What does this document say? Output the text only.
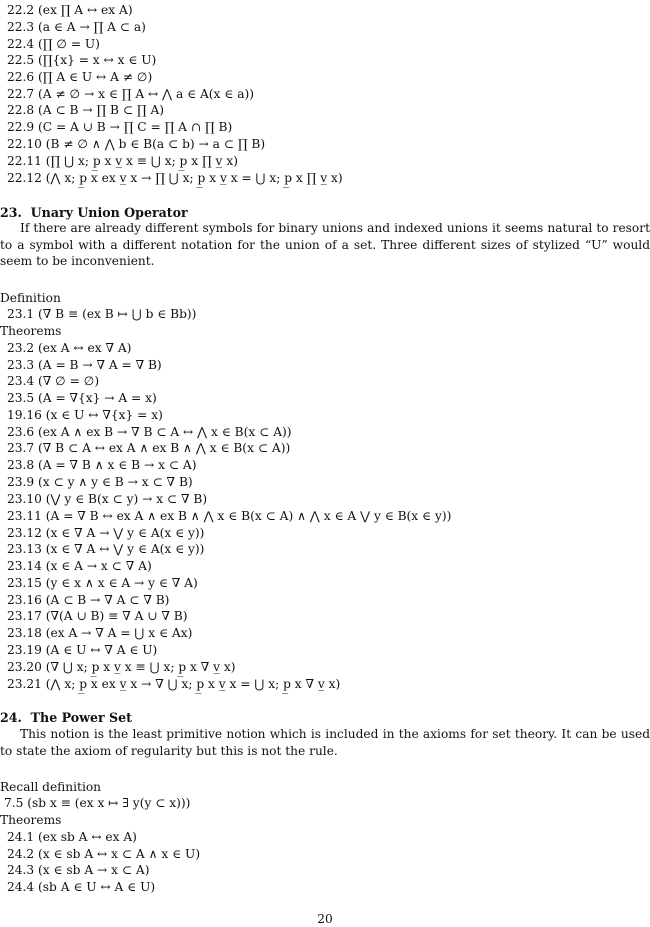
22.2 (ex ∏ A ↔ ex A)
22.3 (a ∈ A → ∏ A ⊂ a)
22.4 (∏ ∅ = U)
22.5 (∏{x} = x ↔ x ∈ U)
22.6 (∏ A ∈ U ↔ A ≠ ∅)
22.7 (A ≠ ∅ → x ∈ ∏ A ↔ ⋀ a ∈ A(x ∈ a))
22.8 (A ⊂ B → ∏ B ⊂ ∏ A)
22.9 (C = A ∪ B → ∏ C = ∏ A ∩ ∏ B)
22.10 (B ≠ ∅ ∧ ⋀ b ∈ B(a ⊂ b) → a ⊂ ∏ B)
22.11 (∏ ⋃ x; p̲ x v̲ x ≡ ⋃ x; p̲ x ∏ v̲ x)
22.12 (⋀ x; p̲ x ex v̲ x → ∏ ⋃ x; p̲ x v̲ x = ⋃ x; p̲ x ∏ v̲ x)
23.  Unary Union Operator
If there are already different symbols for binary unions and indexed unions it seems natural to resort to a symbol with a different notation for the union of a set. Three different sizes of stylized “U” would seem to be inconvenient.
Definition
23.1 (∇ B ≡ (ex B ↦ ⋃ b ∈ Bb))
Theorems
23.2 (ex A ↔ ex ∇ A)
23.3 (A = B → ∇ A = ∇ B)
23.4 (∇ ∅ = ∅)
23.5 (A = ∇{x} → A = x)
19.16 (x ∈ U ↔ ∇{x} = x)
23.6 (ex A ∧ ex B → ∇ B ⊂ A ↔ ⋀ x ∈ B(x ⊂ A))
23.7 (∇ B ⊂ A ↔ ex A ∧ ex B ∧ ⋀ x ∈ B(x ⊂ A))
23.8 (A = ∇ B ∧ x ∈ B → x ⊂ A)
23.9 (x ⊂ y ∧ y ∈ B → x ⊂ ∇ B)
23.10 (⋁ y ∈ B(x ⊂ y) → x ⊂ ∇ B)
23.11 (A = ∇ B ↔ ex A ∧ ex B ∧ ⋀ x ∈ B(x ⊂ A) ∧ ⋀ x ∈ A ⋁ y ∈ B(x ∈ y))
23.12 (x ∈ ∇ A → ⋁ y ∈ A(x ∈ y))
23.13 (x ∈ ∇ A ↔ ⋁ y ∈ A(x ∈ y))
23.14 (x ∈ A → x ⊂ ∇ A)
23.15 (y ∈ x ∧ x ∈ A → y ∈ ∇ A)
23.16 (A ⊂ B → ∇ A ⊂ ∇ B)
23.17 (∇(A ∪ B) ≡ ∇ A ∪ ∇ B)
23.18 (ex A → ∇ A = ⋃ x ∈ Ax)
23.19 (A ∈ U ↔ ∇ A ∈ U)
23.20 (∇ ⋃ x; p̲ x v̲ x ≡ ⋃ x; p̲ x ∇ v̲ x)
23.21 (⋀ x; p̲ x ex v̲ x → ∇ ⋃ x; p̲ x v̲ x = ⋃ x; p̲ x ∇ v̲ x)
24.  The Power Set
This notion is the least primitive notion which is included in the axioms for set theory. It can be used to state the axiom of regularity but this is not the rule.
Recall definition
7.5 (sb x ≡ (ex x ↦ ∃ y(y ⊂ x)))
Theorems
24.1 (ex sb A ↔ ex A)
24.2 (x ∈ sb A ↔ x ⊂ A ∧ x ∈ U)
24.3 (x ∈ sb A → x ⊂ A)
24.4 (sb A ∈ U ↔ A ∈ U)
20
